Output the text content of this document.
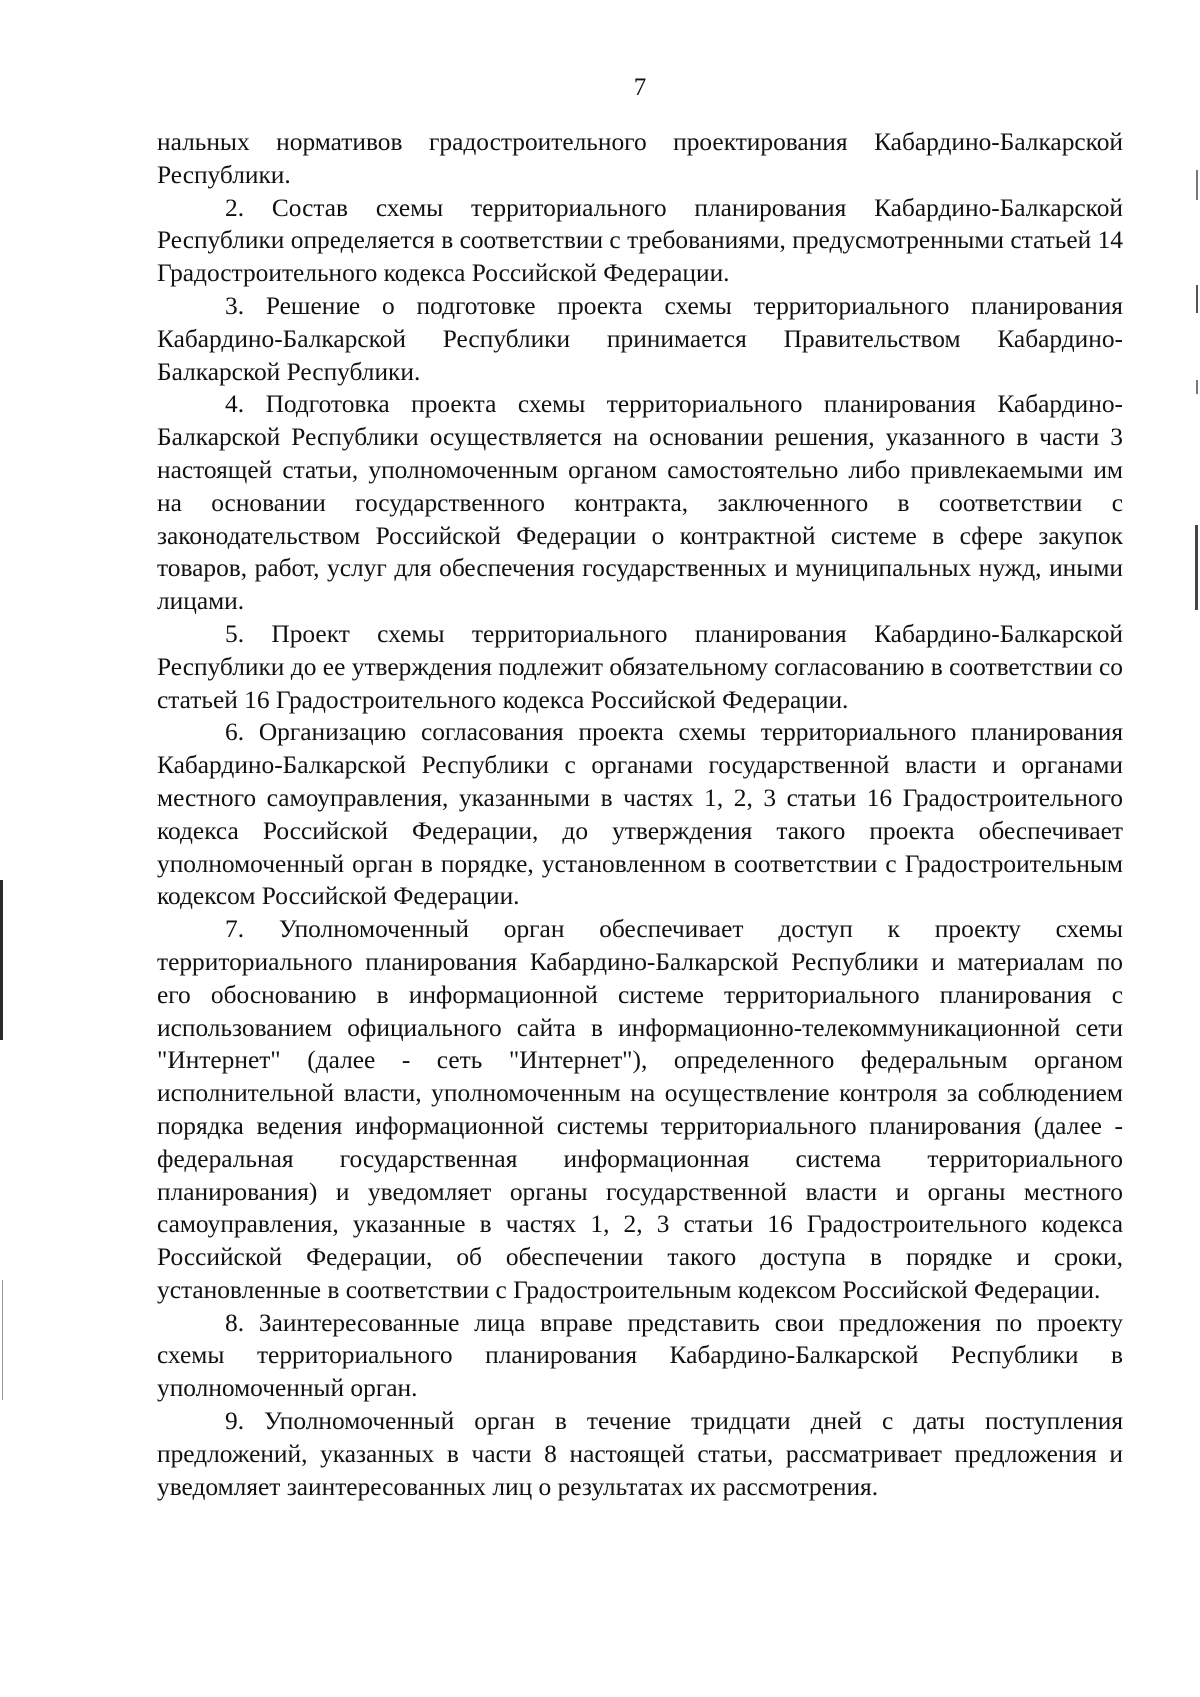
7

нальных нормативов градостроительного проектирования Кабардино-Балкарской Республики.

2. Состав схемы территориального планирования Кабардино-Балкарской Республики определяется в соответствии с требованиями, предусмотренными статьей 14 Градостроительного кодекса Российской Федерации.

3. Решение о подготовке проекта схемы территориального планирования Кабардино-Балкарской Республики принимается Правительством Кабардино-Балкарской Республики.

4. Подготовка проекта схемы территориального планирования Кабардино-Балкарской Республики осуществляется на основании решения, указанного в части 3 настоящей статьи, уполномоченным органом самостоятельно либо привлекаемыми им на основании государственного контракта, заключенного в соответствии с законодательством Российской Федерации о контрактной системе в сфере закупок товаров, работ, услуг для обеспечения государственных и муниципальных нужд, иными лицами.

5. Проект схемы территориального планирования Кабардино-Балкарской Республики до ее утверждения подлежит обязательному согласованию в соответствии со статьей 16 Градостроительного кодекса Российской Федерации.

6. Организацию согласования проекта схемы территориального планирования Кабардино-Балкарской Республики с органами государственной власти и органами местного самоуправления, указанными в частях 1, 2, 3 статьи 16 Градостроительного кодекса Российской Федерации, до утверждения такого проекта обеспечивает уполномоченный орган в порядке, установленном в соответствии с Градостроительным кодексом Российской Федерации.

7. Уполномоченный орган обеспечивает доступ к проекту схемы территориального планирования Кабардино-Балкарской Республики и материалам по его обоснованию в информационной системе территориального планирования с использованием официального сайта в информационно-телекоммуникационной сети "Интернет" (далее - сеть "Интернет"), определенного федеральным органом исполнительной власти, уполномоченным на осуществление контроля за соблюдением порядка ведения информационной системы территориального планирования (далее - федеральная государственная информационная система территориального планирования) и уведомляет органы государственной власти и органы местного самоуправления, указанные в частях 1, 2, 3 статьи 16 Градостроительного кодекса Российской Федерации, об обеспечении такого доступа в порядке и сроки, установленные в соответствии с Градостроительным кодексом Российской Федерации.

8. Заинтересованные лица вправе представить свои предложения по проекту схемы территориального планирования Кабардино-Балкарской Республики в уполномоченный орган.

9. Уполномоченный орган в течение тридцати дней с даты поступления предложений, указанных в части 8 настоящей статьи, рассматривает предложения и уведомляет заинтересованных лиц о результатах их рассмотрения.
